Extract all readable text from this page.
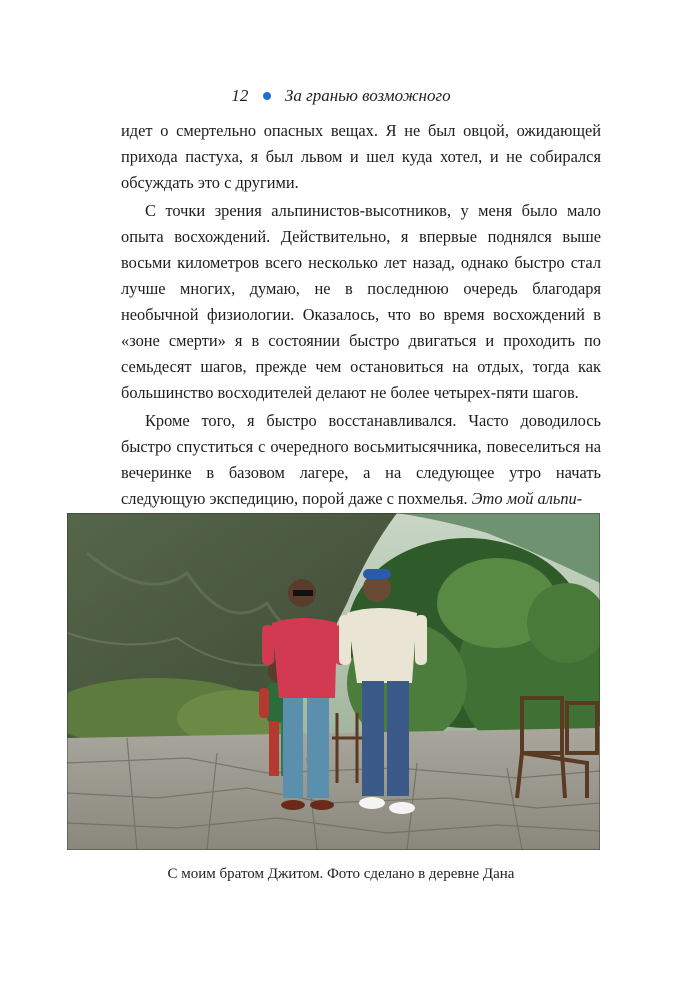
12 За гранью возможного

идет о смертельно опасных вещах. Я не был овцой, ожидающей прихода пастуха, я был львом и шел куда хотел, и не собирался обсуждать это с другими.

С точки зрения альпинистов-высотников, у меня было мало опыта восхождений. Действительно, я впервые поднялся выше восьми километров всего несколько лет назад, однако быстро стал лучше многих, думаю, не в последнюю очередь благодаря необычной физиологии. Оказалось, что во время восхождений в «зоне смерти» я в состоянии быстро двигаться и проходить по семьдесят шагов, прежде чем остановиться на отдых, тогда как большинство восходителей делают не более четырех-пяти шагов.

Кроме того, я быстро восстанавливался. Часто доводилось быстро спуститься с очередного восьмитысячника, повеселиться на вечеринке в базовом лагере, а на следующее утро начать следующую экспедицию, порой даже с похмелья. Это мой альпи-

С моим братом Джитом. Фото сделано в деревне Дана
